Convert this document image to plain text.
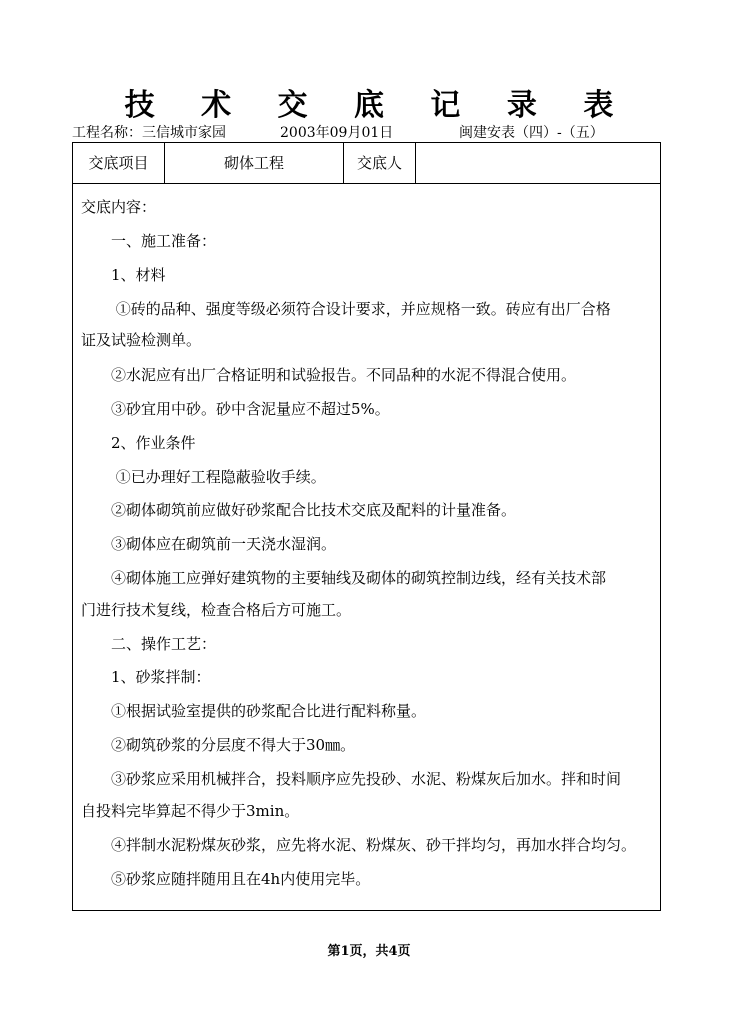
技 术 交 底 记 录 表
工程名称：三信城市家园	2003年09月01日	闽建安表（四）-（五）
交底项目	砌体工程	交底人
交底内容：
　　一、施工准备：
　　1、材料
　　 ①砖的品种、强度等级必须符合设计要求，并应规格一致。砖应有出厂合格
证及试验检测单。
　　②水泥应有出厂合格证明和试验报告。不同品种的水泥不得混合使用。
　　③砂宜用中砂。砂中含泥量应不超过5%。
　　2、作业条件
　　 ①已办理好工程隐蔽验收手续。
　　②砌体砌筑前应做好砂浆配合比技术交底及配料的计量准备。
　　③砌体应在砌筑前一天浇水湿润。
　　④砌体施工应弹好建筑物的主要轴线及砌体的砌筑控制边线，经有关技术部
门进行技术复线，检查合格后方可施工。
　　二、操作工艺：
　　1、砂浆拌制：
　　①根据试验室提供的砂浆配合比进行配料称量。
　　②砌筑砂浆的分层度不得大于30㎜。
　　③砂浆应采用机械拌合，投料顺序应先投砂、水泥、粉煤灰后加水。拌和时间
自投料完毕算起不得少于3min。
　　④拌制水泥粉煤灰砂浆，应先将水泥、粉煤灰、砂干拌均匀，再加水拌合均匀。
　　⑤砂浆应随拌随用且在4h内使用完毕。
第1页，共4页
